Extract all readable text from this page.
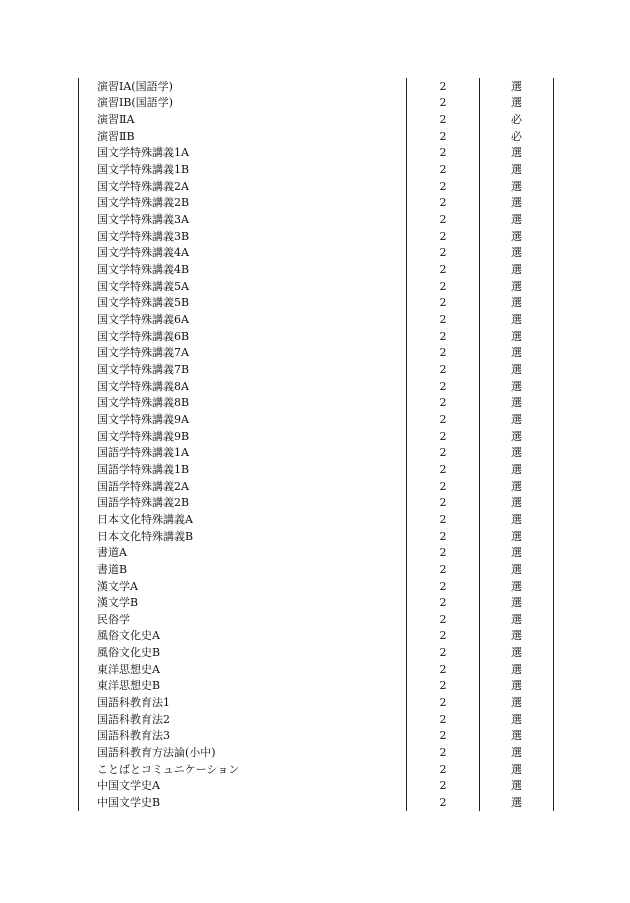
演習ⅠA(国語学)	2	選
演習ⅠB(国語学)	2	選
演習ⅡA	2	必
演習ⅡB	2	必
国文学特殊講義1A	2	選
国文学特殊講義1B	2	選
国文学特殊講義2A	2	選
国文学特殊講義2B	2	選
国文学特殊講義3A	2	選
国文学特殊講義3B	2	選
国文学特殊講義4A	2	選
国文学特殊講義4B	2	選
国文学特殊講義5A	2	選
国文学特殊講義5B	2	選
国文学特殊講義6A	2	選
国文学特殊講義6B	2	選
国文学特殊講義7A	2	選
国文学特殊講義7B	2	選
国文学特殊講義8A	2	選
国文学特殊講義8B	2	選
国文学特殊講義9A	2	選
国文学特殊講義9B	2	選
国語学特殊講義1A	2	選
国語学特殊講義1B	2	選
国語学特殊講義2A	2	選
国語学特殊講義2B	2	選
日本文化特殊講義A	2	選
日本文化特殊講義B	2	選
書道A	2	選
書道B	2	選
漢文学A	2	選
漢文学B	2	選
民俗学	2	選
風俗文化史A	2	選
風俗文化史B	2	選
東洋思想史A	2	選
東洋思想史B	2	選
国語科教育法1	2	選
国語科教育法2	2	選
国語科教育法3	2	選
国語科教育方法論(小中)	2	選
ことばとコミュニケーション	2	選
中国文学史A	2	選
中国文学史B	2	選
